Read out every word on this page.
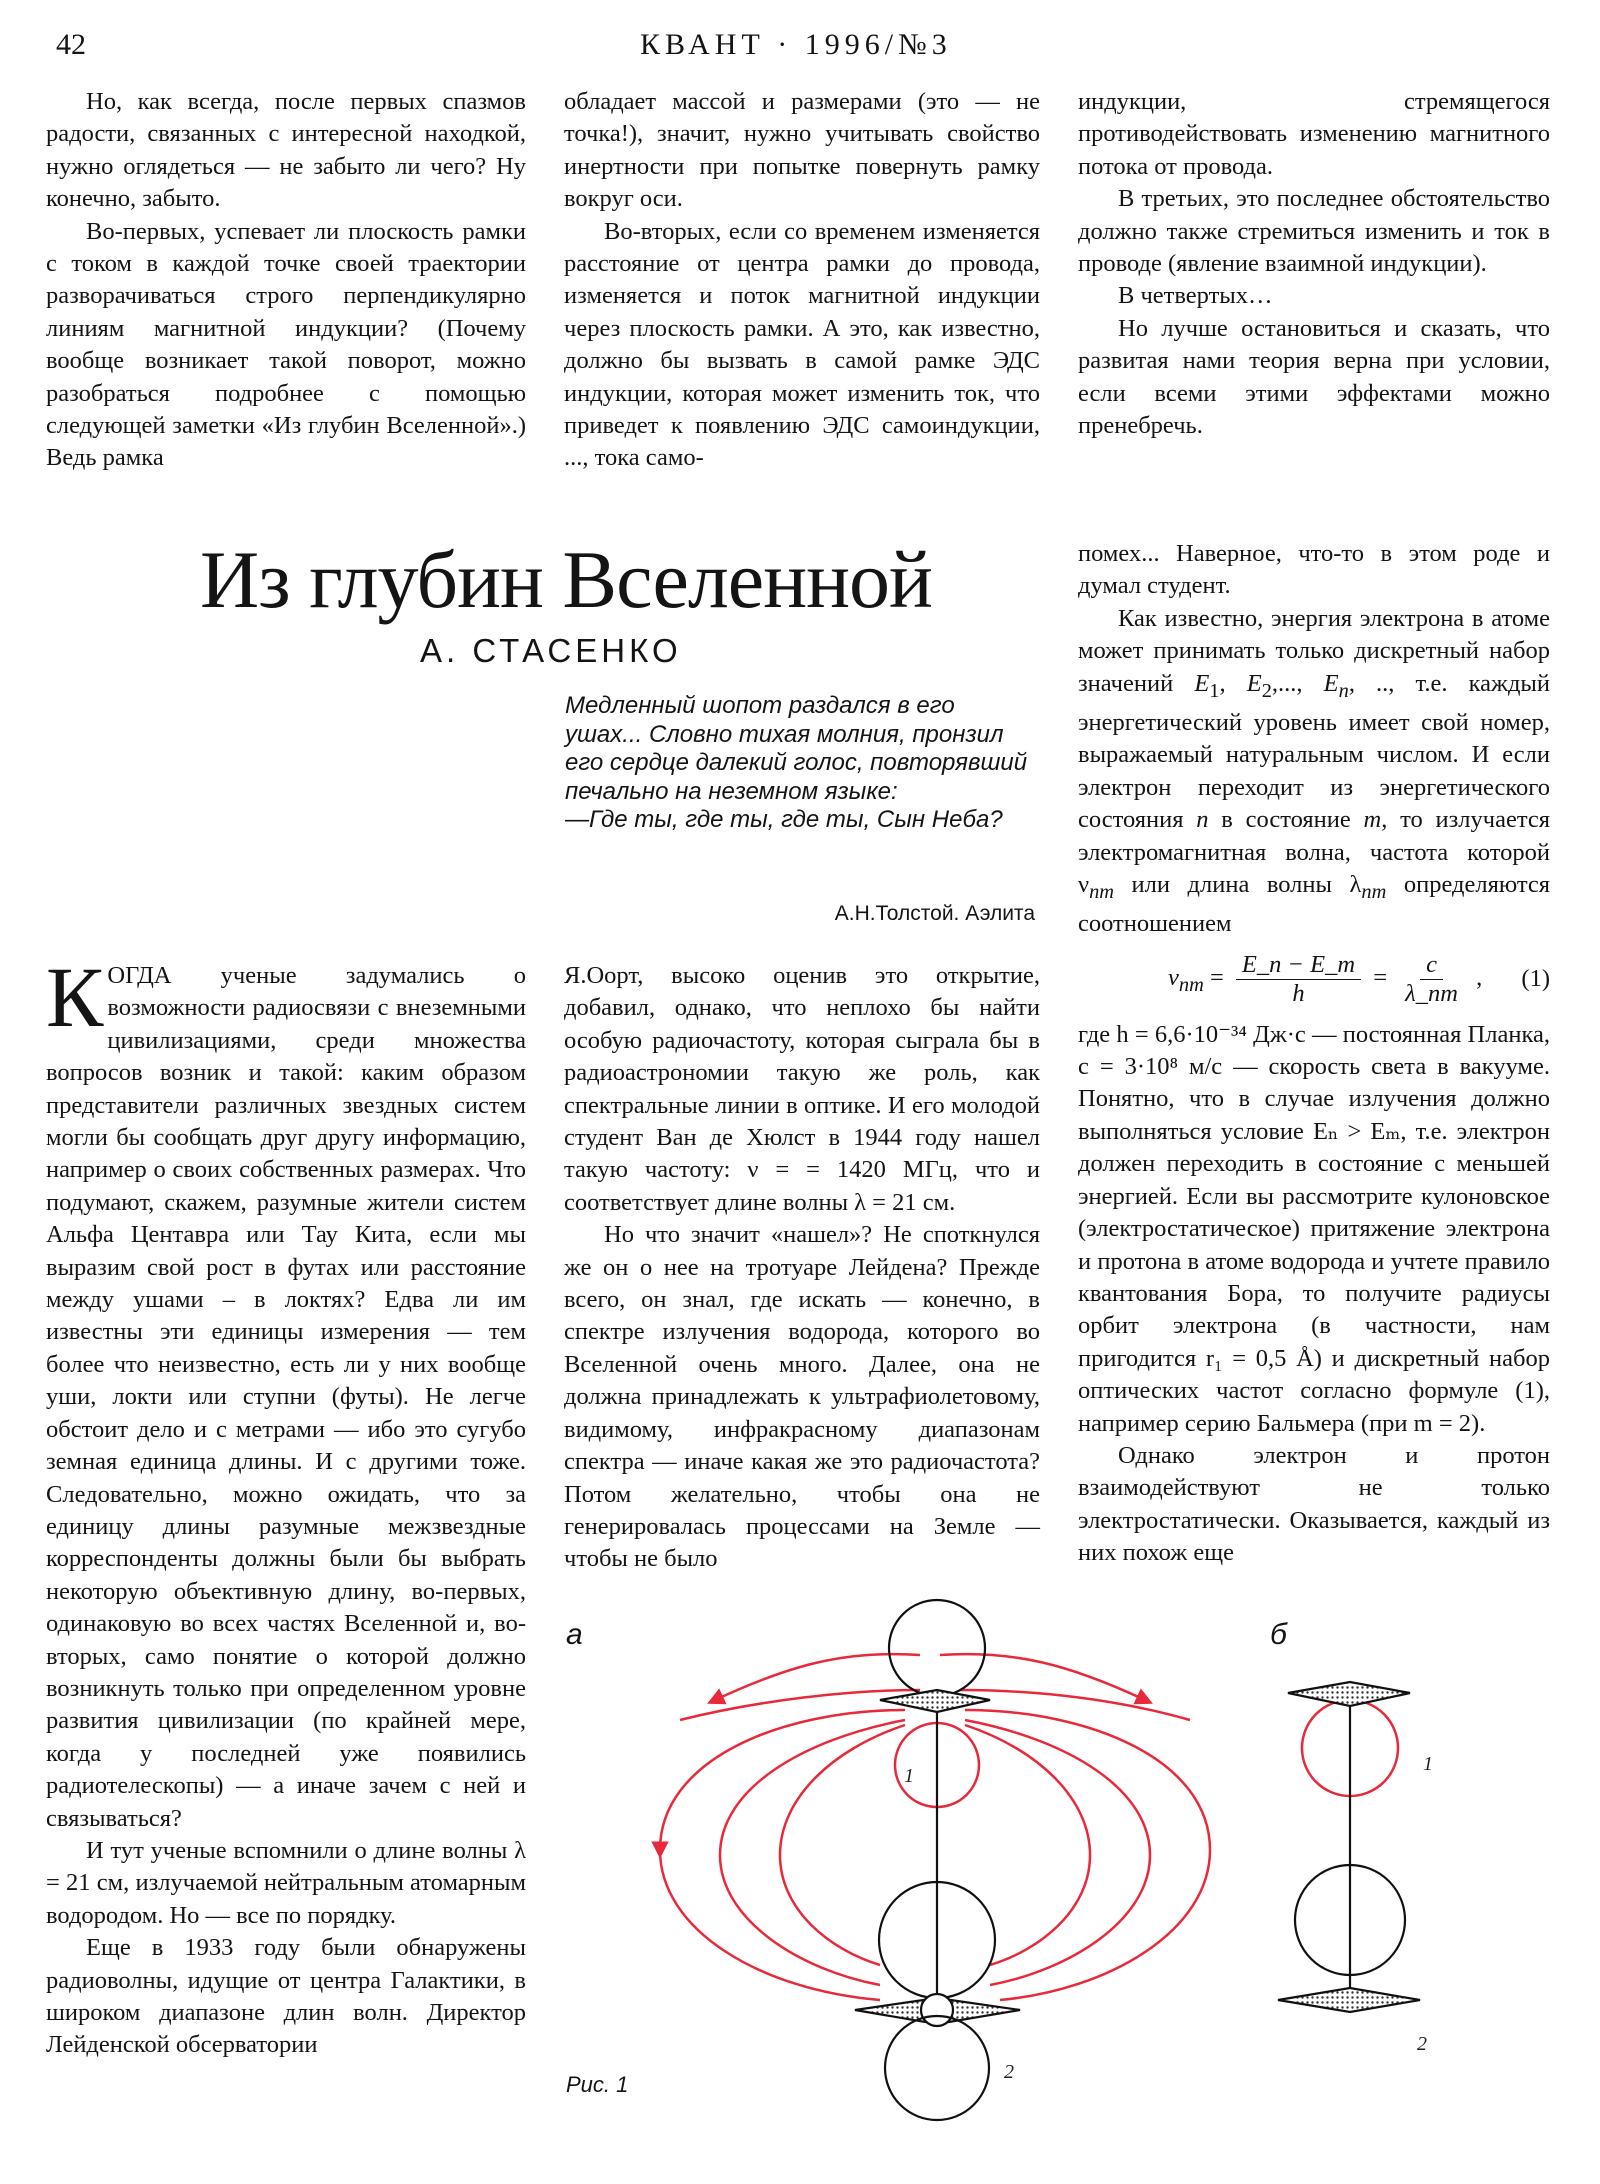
42	КВАНТ · 1996/№3

Но, как всегда, после первых спазмов радости, связанных с интересной находкой, нужно оглядеться — не забыто ли чего? Ну конечно, забыто.

Во-первых, успевает ли плоскость рамки с током в каждой точке своей траектории разворачиваться строго перпендикулярно линиям магнитной индукции? (Почему вообще возникает такой поворот, можно разобраться подробнее с помощью следующей заметки «Из глубин Вселенной».) Ведь рамка

обладает массой и размерами (это — не точка!), значит, нужно учитывать свойство инертности при попытке повернуть рамку вокруг оси.

Во-вторых, если со временем изменяется расстояние от центра рамки до провода, изменяется и поток магнитной индукции через плоскость рамки. А это, как известно, должно бы вызвать в самой рамке ЭДС индукции, которая может изменить ток, что приведет к появлению ЭДС самоиндукции, ..., тока само-

индукции, стремящегося противодействовать изменению магнитного потока от провода.

В третьих, это последнее обстоятельство должно также стремиться изменить и ток в проводе (явление взаимной индукции).

В четвертых…

Но лучше остановиться и сказать, что развитая нами теория верна при условии, если всеми этими эффектами можно пренебречь.

Из глубин Вселенной
А. СТАСЕНКО

Медленный шопот раздался в его ушах... Словно тихая молния, пронзил его сердце далекий голос, повторявший печально на неземном языке:

—Где ты, где ты, где ты, Сын Неба?

А.Н.Толстой. Аэлита

КОГДА ученые задумались о возможности радиосвязи с внеземными цивилизациями, среди множества вопросов возник и такой: каким образом представители различных звездных систем могли бы сообщать друг другу информацию, например о своих собственных размерах. Что подумают, скажем, разумные жители систем Альфа Центавра или Тау Кита, если мы выразим свой рост в футах или расстояние между ушами – в локтях? Едва ли им известны эти единицы измерения — тем более что неизвестно, есть ли у них вообще уши, локти или ступни (футы). Не легче обстоит дело и с метрами — ибо это сугубо земная единица длины. И с другими тоже. Следовательно, можно ожидать, что за единицу длины разумные межзвездные корреспонденты должны были бы выбрать некоторую объективную длину, во-первых, одинаковую во всех частях Вселенной и, во-вторых, само понятие о которой должно возникнуть только при определенном уровне развития цивилизации (по крайней мере, когда у последней уже появились радиотелескопы) — а иначе зачем с ней и связываться?

И тут ученые вспомнили о длине волны λ = 21 см, излучаемой нейтральным атомарным водородом. Но — все по порядку.

Еще в 1933 году были обнаружены радиоволны, идущие от центра Галактики, в широком диапазоне длин волн. Директор Лейденской обсерватории

Я.Оорт, высоко оценив это открытие, добавил, однако, что неплохо бы найти особую радиочастоту, которая сыграла бы в радиоастрономии такую же роль, как спектральные линии в оптике. И его молодой студент Ван де Хюлст в 1944 году нашел такую частоту: ν = = 1420 МГц, что и соответствует длине волны λ = 21 см.

Но что значит «нашел»? Не споткнулся же он о нее на тротуаре Лейдена? Прежде всего, он знал, где искать — конечно, в спектре излучения водорода, которого во Вселенной очень много. Далее, она не должна принадлежать к ультрафиолетовому, видимому, инфракрасному диапазонам спектра — иначе какая же это радиочастота? Потом желательно, чтобы она не генерировалась процессами на Земле — чтобы не было

помех... Наверное, что-то в этом роде и думал студент.

Как известно, энергия электрона в атоме может принимать только дискретный набор значений $E_1$, $E_2$,..., $E_n$, .., т.е. каждый энергетический уровень имеет свой номер, выражаемый натуральным числом. И если электрон переходит из энергетического состояния n в состояние m, то излучается электромагнитная волна, частота которой $\nu_{nm}$ или длина волны $\lambda_{nm}$ определяются соотношением

$\nu_{nm} = \frac{E\_n - E\_m}{h} = \frac{c}{\lambda\_nm}$ , (1)

где h = 6,6·10⁻³⁴ Дж·с — постоянная Планка, c = 3·10⁸ м/с — скорость света в вакууме. Понятно, что в случае излучения должно выполняться условие Eₙ > Eₘ, т.е. электрон должен переходить в состояние с меньшей энергией. Если вы рассмотрите кулоновское (электростатическое) притяжение электрона и протона в атоме водорода и учтете правило квантования Бора, то получите радиусы орбит электрона (в частности, нам пригодится r₁ = 0,5 Å) и дискретный набор оптических частот согласно формуле (1), например серию Бальмера (при m = 2).

Однако электрон и протон взаимодействуют не только электростатически. Оказывается, каждый из них похож еще

а	б
Рис. 1
1
2
1
2
